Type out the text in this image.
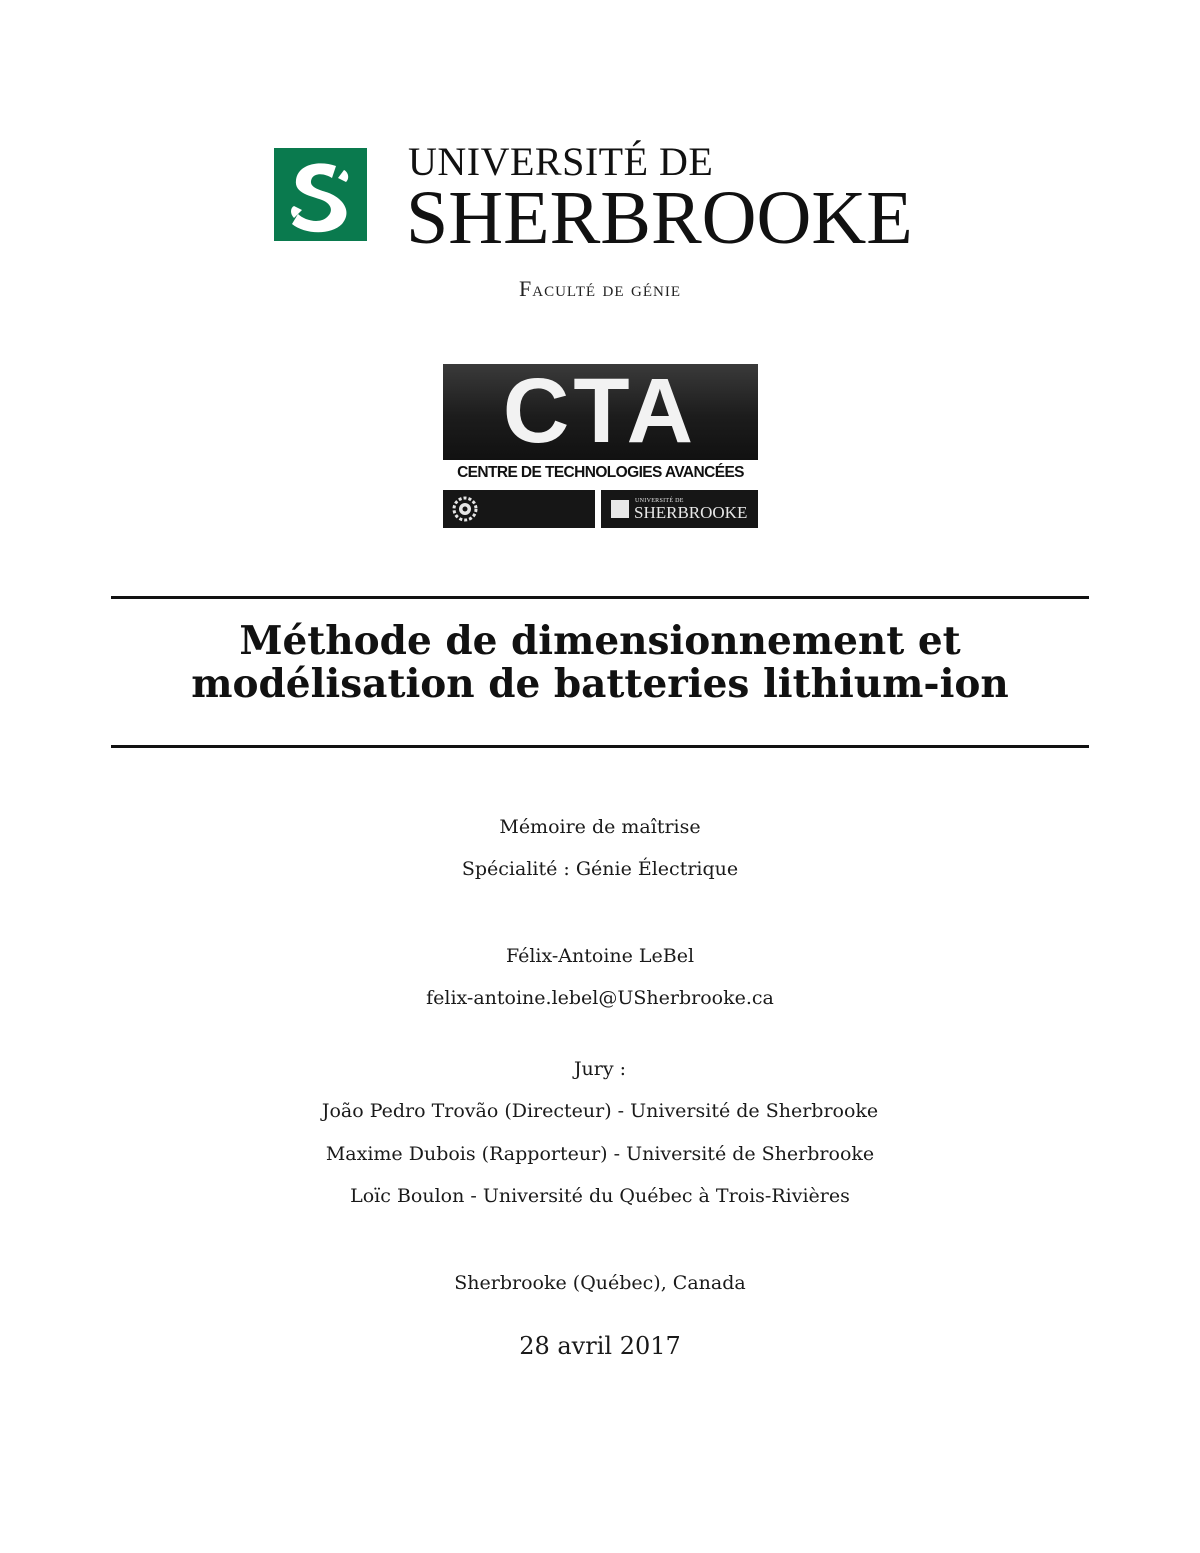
UNIVERSITÉ DE
SHERBROOKE
Faculté de génie
CTA
CENTRE DE TECHNOLOGIES AVANCÉES
UNIVERSITÉ DE
SHERBROOKE
Méthode de dimensionnement et
modélisation de batteries lithium-ion
Mémoire de maîtrise
Spécialité : Génie Électrique
Félix-Antoine LeBel
felix-antoine.lebel@USherbrooke.ca
Jury :
João Pedro Trovão (Directeur) - Université de Sherbrooke
Maxime Dubois (Rapporteur) - Université de Sherbrooke
Loïc Boulon - Université du Québec à Trois-Rivières
Sherbrooke (Québec), Canada
28 avril 2017
